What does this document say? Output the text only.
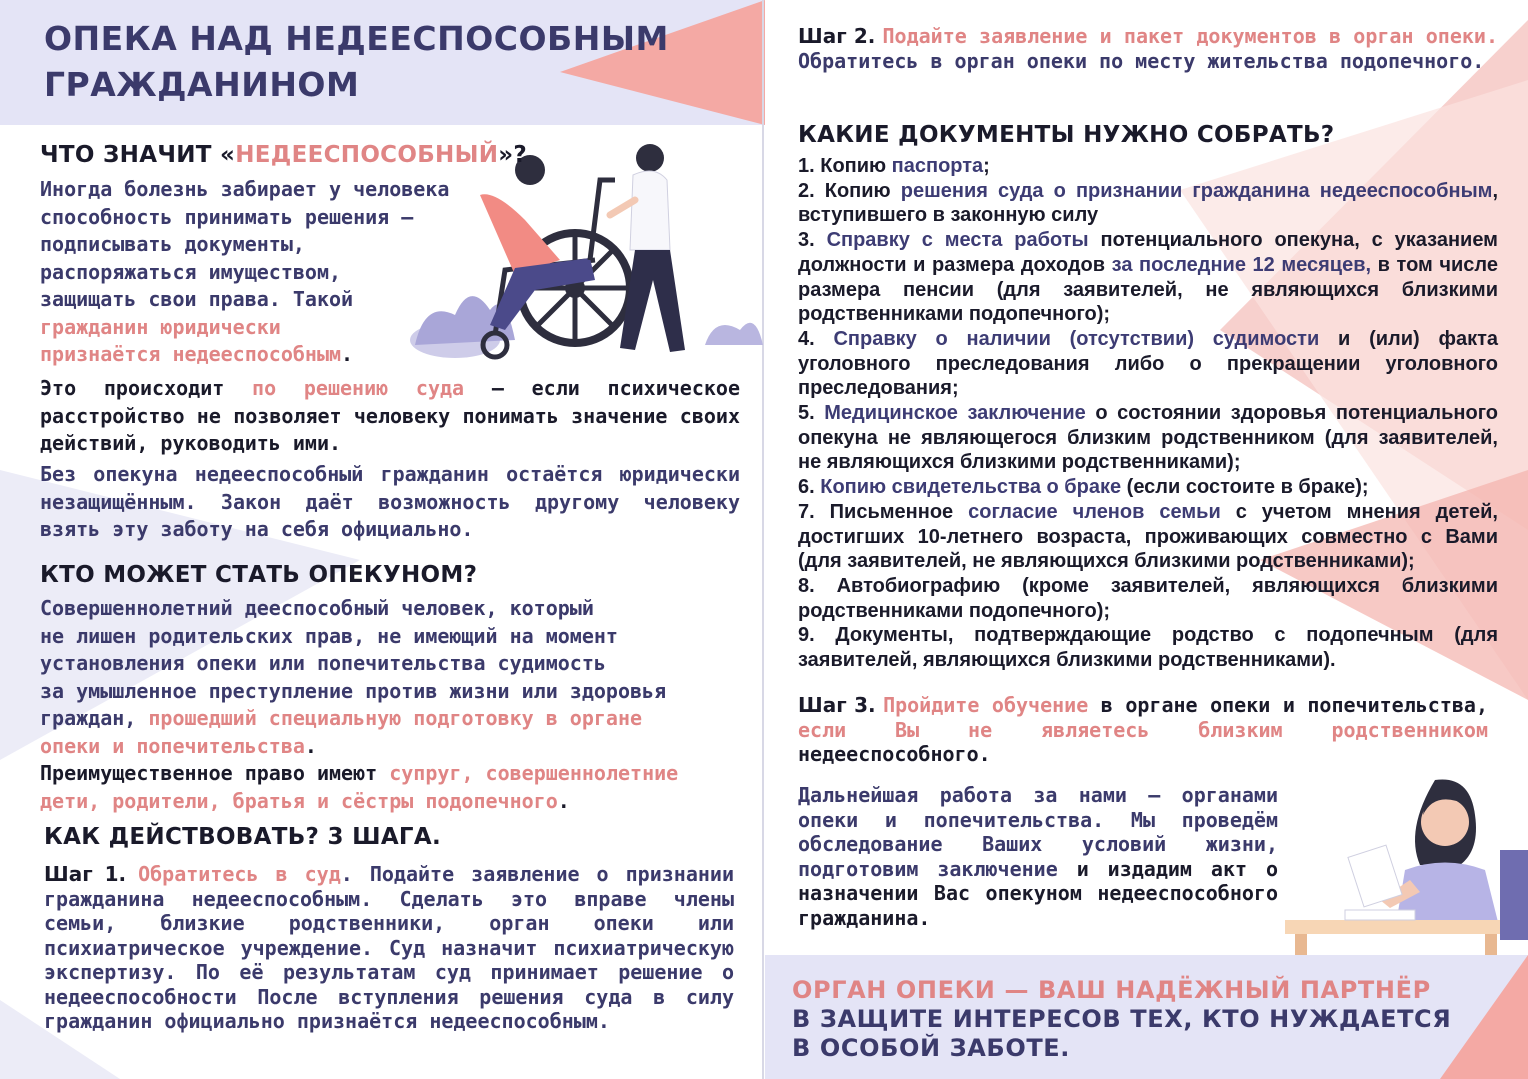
ОПЕКА НАД НЕДЕЕСПОСОБНЫМ ГРАЖДАНИНОМ
ЧТО ЗНАЧИТ «НЕДЕЕСПОСОБНЫЙ»?
Иногда болезнь забирает у человека
способность принимать решения —
подписывать документы,
распоряжаться имуществом,
защищать свои права. Такой
гражданин юридически
признаётся недееспособным.
Это происходит по решению суда — если психическое расстройство не позволяет человеку понимать значение своих действий, руководить ими.
Без опекуна недееспособный гражданин остаётся юридически незащищённым. Закон даёт возможность другому человеку взять эту заботу на себя официально.
КТО МОЖЕТ СТАТЬ ОПЕКУНОМ?
Совершеннолетний дееспособный человек, который
не лишен родительских прав, не имеющий на момент
установления опеки или попечительства судимость
за умышленное преступление против жизни или здоровья
граждан, прошедший специальную подготовку в органе
опеки и попечительства.
Преимущественное право имеют супруг, совершеннолетние
дети, родители, братья и сёстры подопечного.
КАК ДЕЙСТВОВАТЬ? 3 ШАГА.
Шаг 1. Обратитесь в суд. Подайте заявление о признании гражданина недееспособным. Сделать это вправе члены семьи, близкие родственники, орган опеки или психиатрическое учреждение. Суд назначит психиатрическую экспертизу. По её результатам суд принимает решение о недееспособности После вступления решения суда в силу гражданин официально признаётся недееспособным.
Шаг 2. Подайте заявление и пакет документов в орган опеки. Обратитесь в орган опеки по месту жительства подопечного.
КАКИЕ ДОКУМЕНТЫ НУЖНО СОБРАТЬ?
1. Копию паспорта;
2. Копию решения суда о признании гражданина недееспособным, вступившего в законную силу
3. Справку с места работы потенциального опекуна, с указанием должности и размера доходов за последние 12 месяцев, в том числе размера пенсии (для заявителей, не являющихся близкими родственниками подопечного);
4. Справку о наличии (отсутствии) судимости и (или) факта уголовного преследования либо о прекращении уголовного преследования;
5. Медицинское заключение о состоянии здоровья потенциального опекуна не являющегося близким родственником (для заявителей, не являющихся близкими родственниками);
6. Копию свидетельства о браке (если состоите в браке);
7. Письменное согласие членов семьи с учетом мнения детей, достигших 10-летнего возраста, проживающих совместно с Вами (для заявителей, не являющихся близкими родственниками);
8. Автобиографию (кроме заявителей, являющихся близкими родственниками подопечного);
9. Документы, подтверждающие родство с подопечным (для заявителей, являющихся близкими родственниками).
Шаг 3. Пройдите обучение в органе опеки и попечительства, если Вы не являетесь близким родственником недееспособного.
Дальнейшая работа за нами — органами опеки и попечительства. Мы проведём обследование Ваших условий жизни, подготовим заключение и издадим акт о назначении Вас опекуном недееспособного гражданина.
ОРГАН ОПЕКИ — ВАШ НАДЁЖНЫЙ ПАРТНЁР
В ЗАЩИТЕ ИНТЕРЕСОВ ТЕХ, КТО НУЖДАЕТСЯ
В ОСОБОЙ ЗАБОТЕ.
